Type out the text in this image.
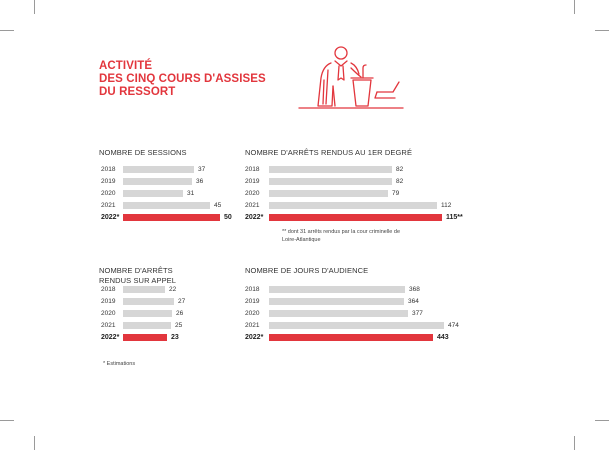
ACTIVITÉ
DES CINQ COURS D'ASSISES
DU RESSORT
NOMBRE DE SESSIONS
2018	37
2019	36
2020	31
2021	45
2022*	50
NOMBRE D'ARRÊTS RENDUS AU 1ER DEGRÉ
2018	82
2019	82
2020	79
2021	112
2022*	115**
** dont 31 arrêts rendus par la cour criminelle de Loire-Atlantique
NOMBRE D'ARRÊTS RENDUS SUR APPEL
2018	22
2019	27
2020	26
2021	25
2022*	23
NOMBRE DE JOURS D'AUDIENCE
2018	368
2019	364
2020	377
2021	474
2022*	443
* Estimations
